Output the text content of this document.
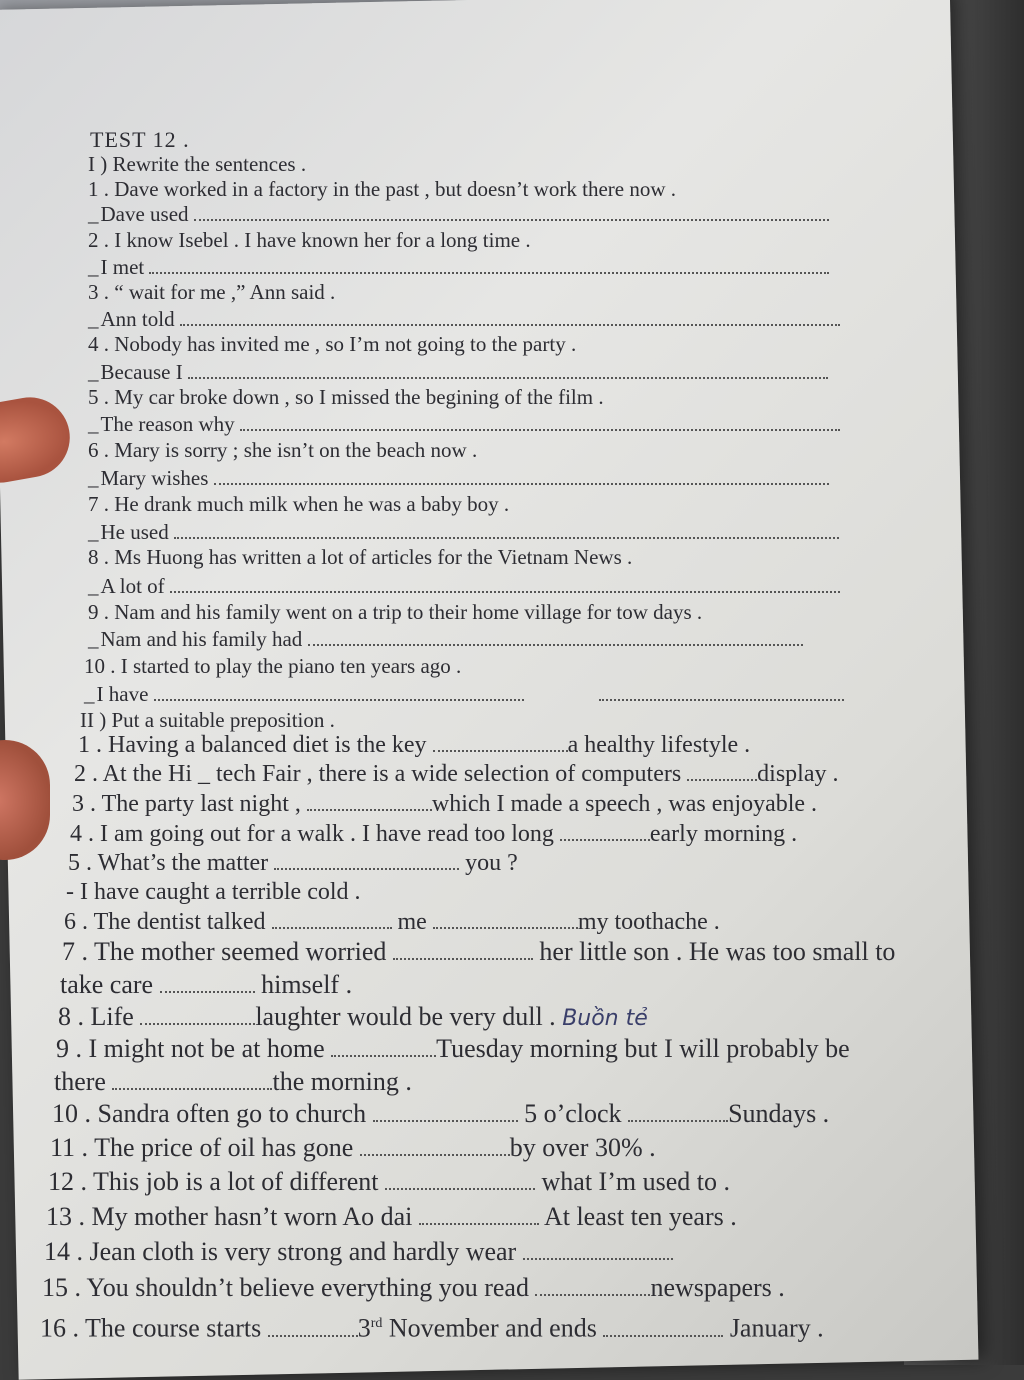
TEST 12 .
I ) Rewrite the sentences .
1 . Dave worked in a factory in the past , but doesn’t work there now .
_Dave used
2 . I know Isebel . I have known her for a long time .
_I met
3 . “ wait for me ,” Ann said .
_Ann told
4 . Nobody has invited me , so I’m not going to the party .
_Because I
5 . My car broke down , so I missed the begining of the film .
_The reason why
6 . Mary is sorry ; she isn’t on the beach now .
_Mary wishes
7 . He drank much milk when he was a baby boy .
_He used
8 . Ms Huong has written a lot of articles for the Vietnam News .
_A lot of
9 . Nam and his family went on a trip to their home village for tow days .
_Nam and his family had
10 . I started to play the piano ten years ago .
_I have
II ) Put a suitable preposition .
1 . Having a balanced diet is the key	a healthy lifestyle .
2 . At the Hi _ tech Fair , there is a wide selection of computers	display .
3 . The party last night ,	which I made a speech , was enjoyable .
4 . I am going out for a walk . I have read too long	early morning .
5 . What’s the matter	you ?
- I have caught a terrible cold .
6 . The dentist talked	me	my toothache .
7 . The mother seemed worried	her little son . He was too small to
take care	himself .
8 . Life	laughter would be very dull . Buồn tẻ
9 . I might not be at home	Tuesday morning but I will probably be
there	the morning .
10 . Sandra often go to church	5 o’clock	Sundays .
11 . The price of oil has gone	by over 30% .
12 . This job is a lot of different	what I’m used to .
13 . My mother hasn’t worn Ao dai	At least ten years .
14 . Jean cloth is very strong and hardly wear
15 . You shouldn’t believe everything you read	newspapers .
16 . The course starts	3rd November and ends	January .
